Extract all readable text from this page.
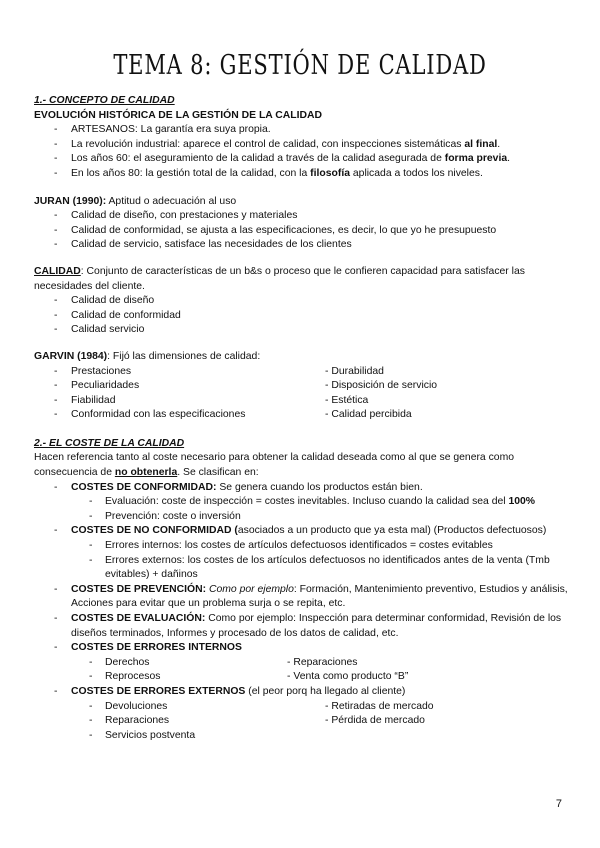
TEMA 8: GESTIÓN DE CALIDAD

1.- CONCEPTO DE CALIDAD

EVOLUCIÓN HISTÓRICA DE LA GESTIÓN DE LA CALIDAD

- ARTESANOS: La garantía era suya propia.
- La revolución industrial: aparece el control de calidad, con inspecciones sistemáticas al final.
- Los años 60: el aseguramiento de la calidad a través de la calidad asegurada de forma previa.
- En los años 80: la gestión total de la calidad, con la filosofía aplicada a todos los niveles.

JURAN (1990): Aptitud o adecuación al uso

- Calidad de diseño, con prestaciones y materiales
- Calidad de conformidad, se ajusta a las especificaciones, es decir, lo que yo he presupuesto
- Calidad de servicio, satisface las necesidades de los clientes

CALIDAD: Conjunto de características de un b&s o proceso que le confieren capacidad para satisfacer las necesidades del cliente.

- Calidad de diseño
- Calidad de conformidad
- Calidad servicio

GARVIN (1984): Fijó las dimensiones de calidad:

- Prestaciones
- Peculiaridades
- Fiabilidad
- Conformidad con las especificaciones
- Durabilidad
- Disposición de servicio
- Estética
- Calidad percibida

2.- EL COSTE DE LA CALIDAD

Hacen referencia tanto al coste necesario para obtener la calidad deseada como al que se genera como consecuencia de no obtenerla. Se clasifican en:

- COSTES DE CONFORMIDAD: Se genera cuando los productos están bien.
- Evaluación: coste de inspección = costes inevitables. Incluso cuando la calidad sea del 100%
- Prevención: coste o inversión
- COSTES DE NO CONFORMIDAD (asociados a un producto que ya esta mal) (Productos defectuosos)
- Errores internos: los costes de artículos defectuosos identificados = costes evitables
- Errores externos: los costes de los artículos defectuosos no identificados antes de la venta (Tmb evitables) + dañinos
- COSTES DE PREVENCIÓN: Como por ejemplo: Formación, Mantenimiento preventivo, Estudios y análisis, Acciones para evitar que un problema surja o se repita, etc.
- COSTES DE EVALUACIÓN: Como por ejemplo: Inspección para determinar conformidad, Revisión de los diseños terminados, Informes y procesado de los datos de calidad, etc.
- COSTES DE ERRORES INTERNOS
- Derechos
- Reprocesos
- Reparaciones
- Venta como producto “B”
- COSTES DE ERRORES EXTERNOS (el peor porq ha llegado al cliente)
- Devoluciones
- Reparaciones
- Servicios postventa
- Retiradas de mercado
- Pérdida de mercado
7
